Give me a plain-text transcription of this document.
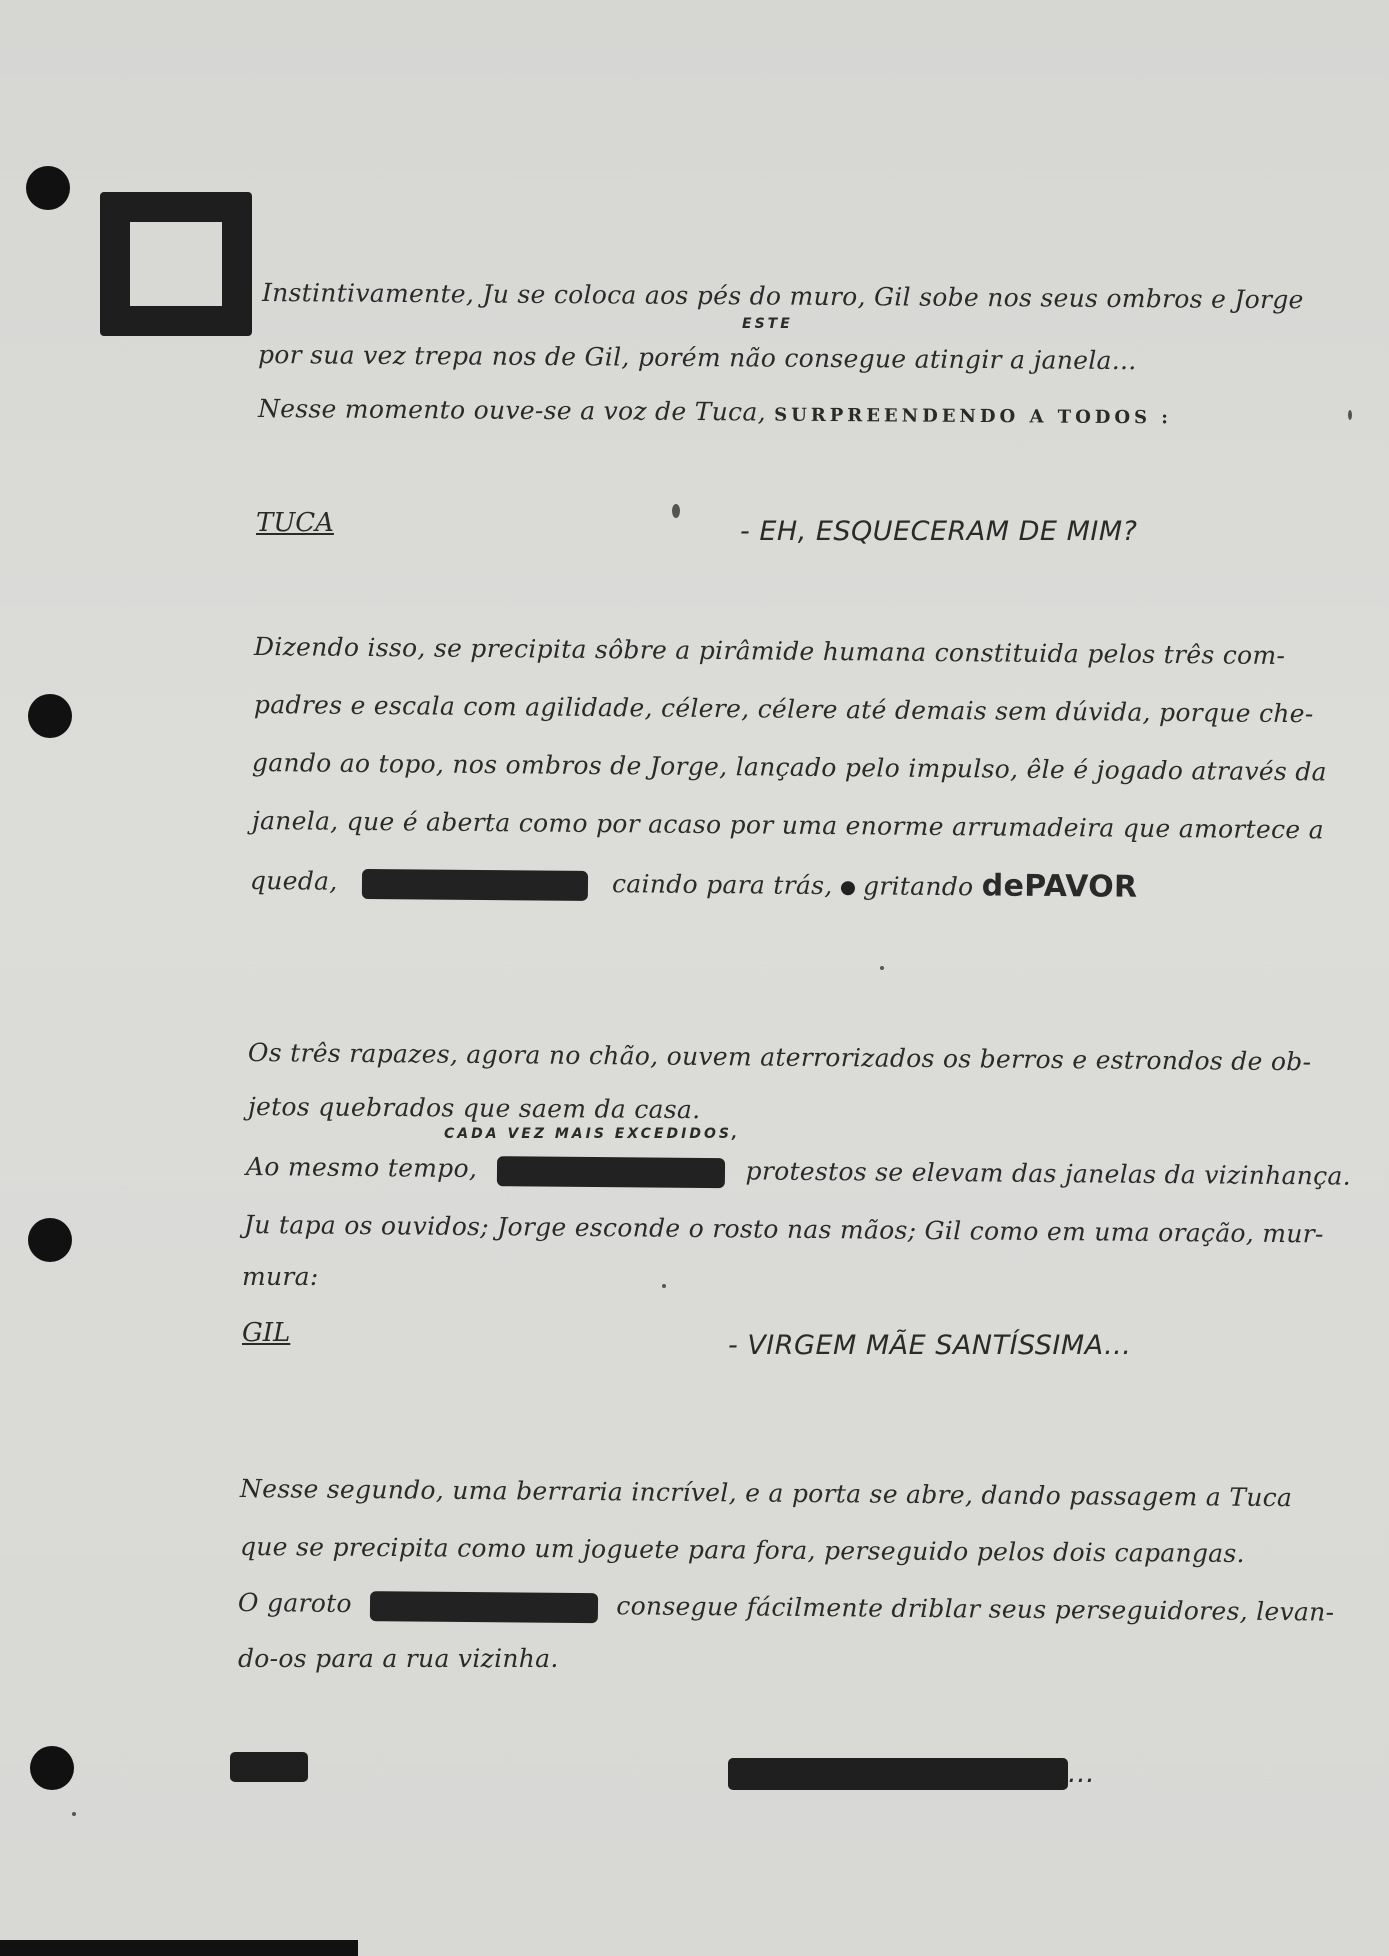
Instintivamente, Ju se coloca aos pés do muro, Gil sobe nos seus ombros e Jorge
ESTE
por sua vez trepa nos de Gil, porém não consegue atingir a janela...
Nesse momento ouve-se a voz de Tuca, SURPREENDENDO A TODOS :
TUCA	- EH, ESQUECERAM DE MIM?
Dizendo isso, se precipita sôbre a pirâmide humana constituida pelos três com-
padres e escala com agilidade, célere, célere até demais sem dúvida, porque che-
gando ao topo, nos ombros de Jorge, lançado pelo impulso, êle é jogado através da
janela, que é aberta como por acaso por uma enorme arrumadeira que amortece a
queda,	caindo para trás, gritando dePAVOR
Os três rapazes, agora no chão, ouvem aterrorizados os berros e estrondos de ob-
jetos quebrados que saem da casa.
CADA VEZ MAIS EXCEDIDOS,
Ao mesmo tempo,	protestos se elevam das janelas da vizinhança.
Ju tapa os ouvidos; Jorge esconde o rosto nas mãos; Gil como em uma oração, mur-
mura:
GIL	- VIRGEM MÃE SANTÍSSIMA...
Nesse segundo, uma berraria incrível, e a porta se abre, dando passagem a Tuca
que se precipita como um joguete para fora, perseguido pelos dois capangas.
O garoto	consegue fácilmente driblar seus perseguidores, levan-
do-os para a rua vizinha.
...
